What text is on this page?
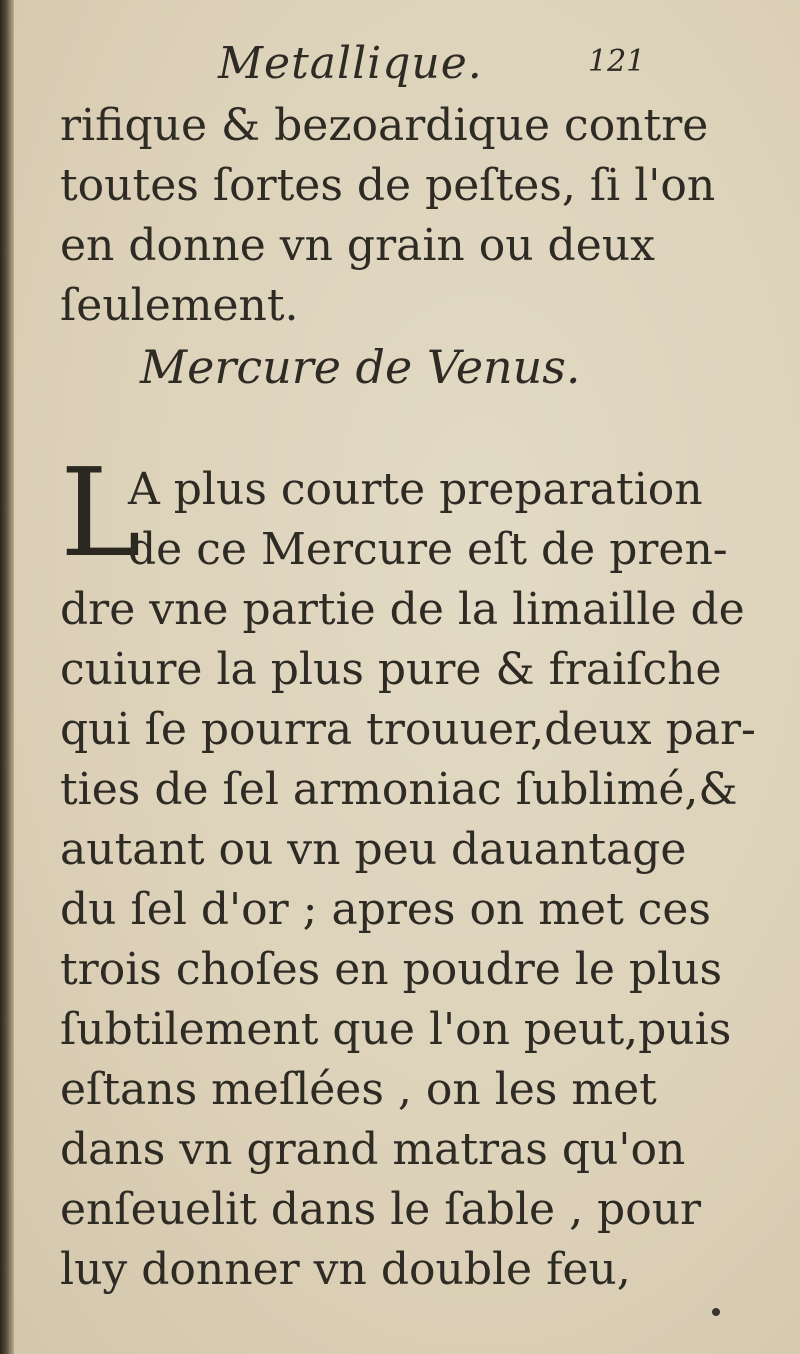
Metallique.	121
rifique & bezoardique contre
toutes ſortes de peſtes, ſi l'on
en donne vn grain ou deux
ſeulement.
Mercure de Venus.
L
A plus courte preparation
de ce Mercure eſt de pren-
dre vne partie de la limaille de
cuiure la plus pure & fraiſche
qui ſe pourra trouuer,deux par-
ties de ſel armoniac ſublimé,&
autant ou vn peu dauantage
du ſel d'or ; apres on met ces
trois choſes en poudre le plus
ſubtilement que l'on peut,puis
eſtans meſlées , on les met
dans vn grand matras qu'on
enſeuelit dans le ſable , pour
luy donner vn double feu,
